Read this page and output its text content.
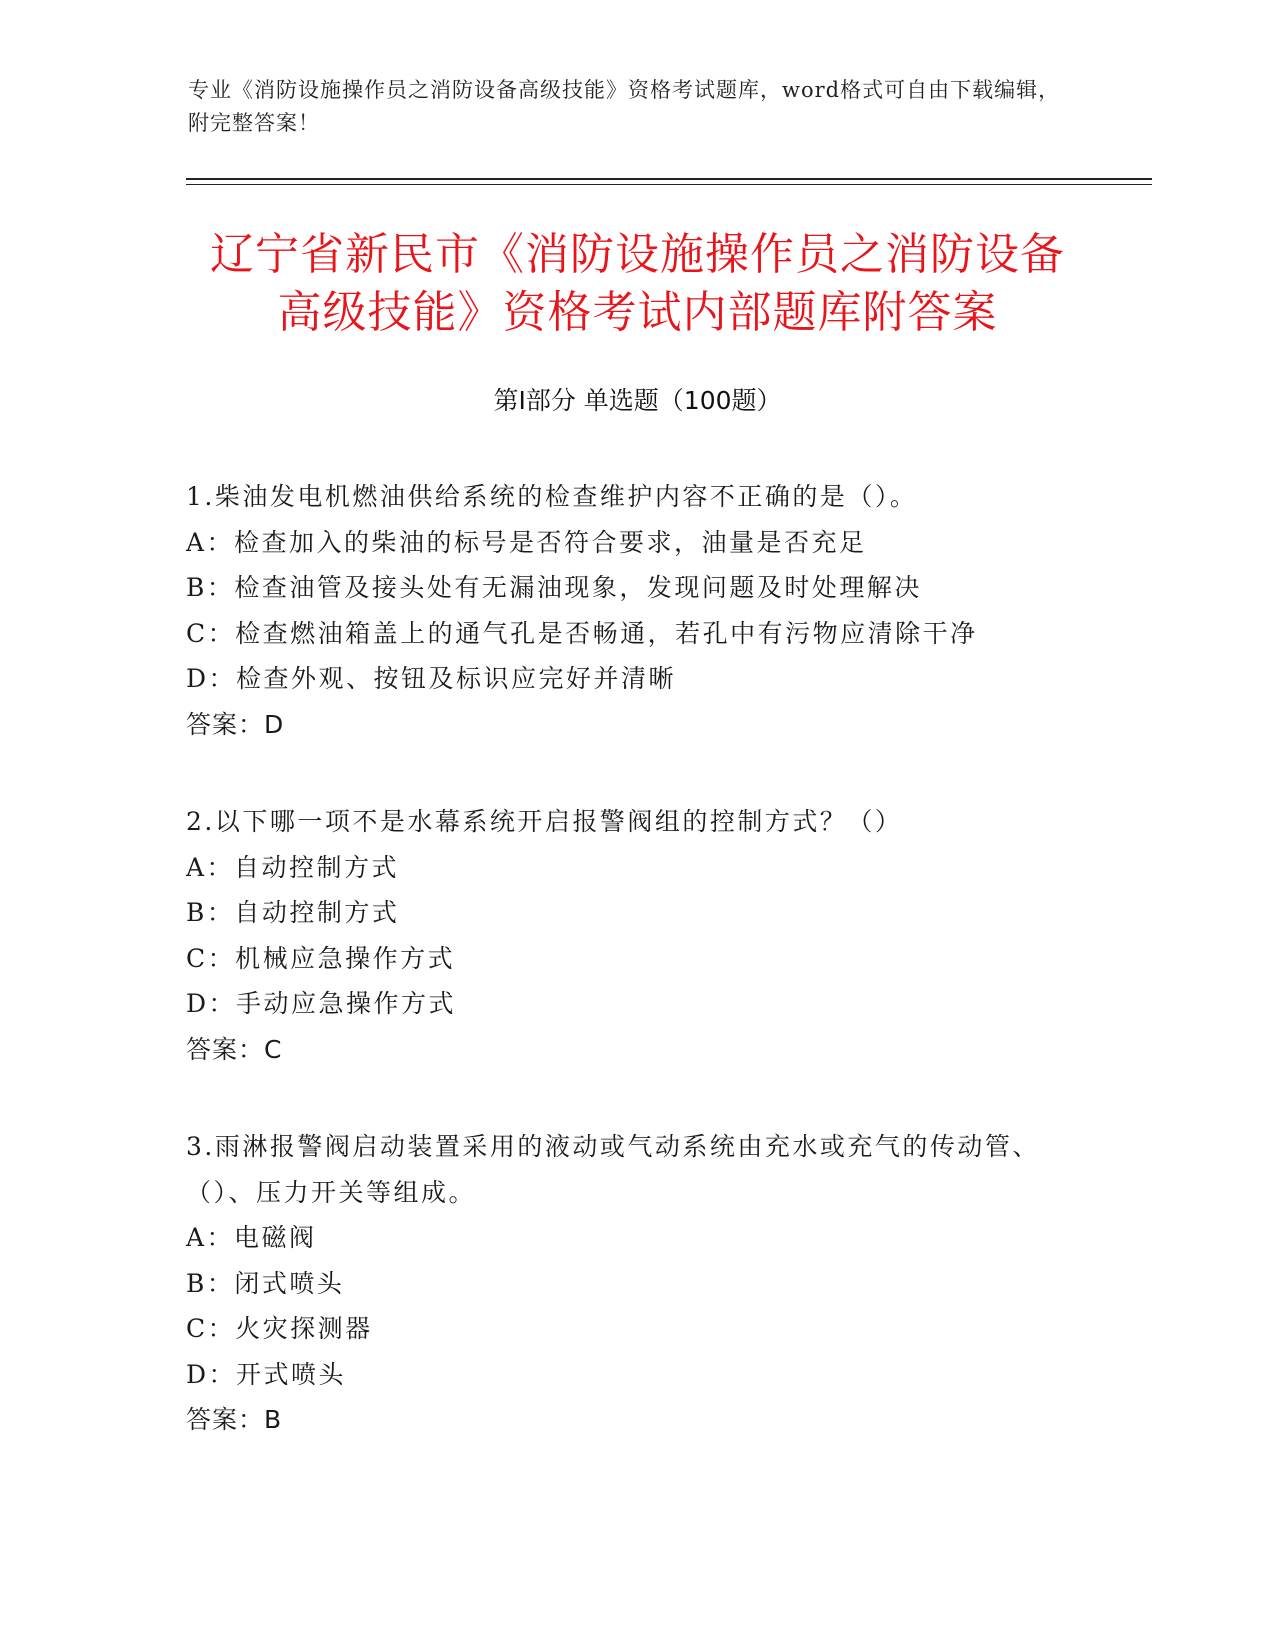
专业《消防设施操作员之消防设备高级技能》资格考试题库，word格式可自由下载编辑，附完整答案！
辽宁省新民市《消防设施操作员之消防设备
高级技能》资格考试内部题库附答案
第Ⅰ部分 单选题（100题）
1.柴油发电机燃油供给系统的检查维护内容不正确的是（）。
A：检查加入的柴油的标号是否符合要求，油量是否充足
B：检查油管及接头处有无漏油现象，发现问题及时处理解决
C：检查燃油箱盖上的通气孔是否畅通，若孔中有污物应清除干净
D：检查外观、按钮及标识应完好并清晰
答案：D
2.以下哪一项不是水幕系统开启报警阀组的控制方式？（）
A：自动控制方式
B：自动控制方式
C：机械应急操作方式
D：手动应急操作方式
答案：C
3.雨淋报警阀启动装置采用的液动或气动系统由充水或充气的传动管、（）、压力开关等组成。
A：电磁阀
B：闭式喷头
C：火灾探测器
D：开式喷头
答案：B
